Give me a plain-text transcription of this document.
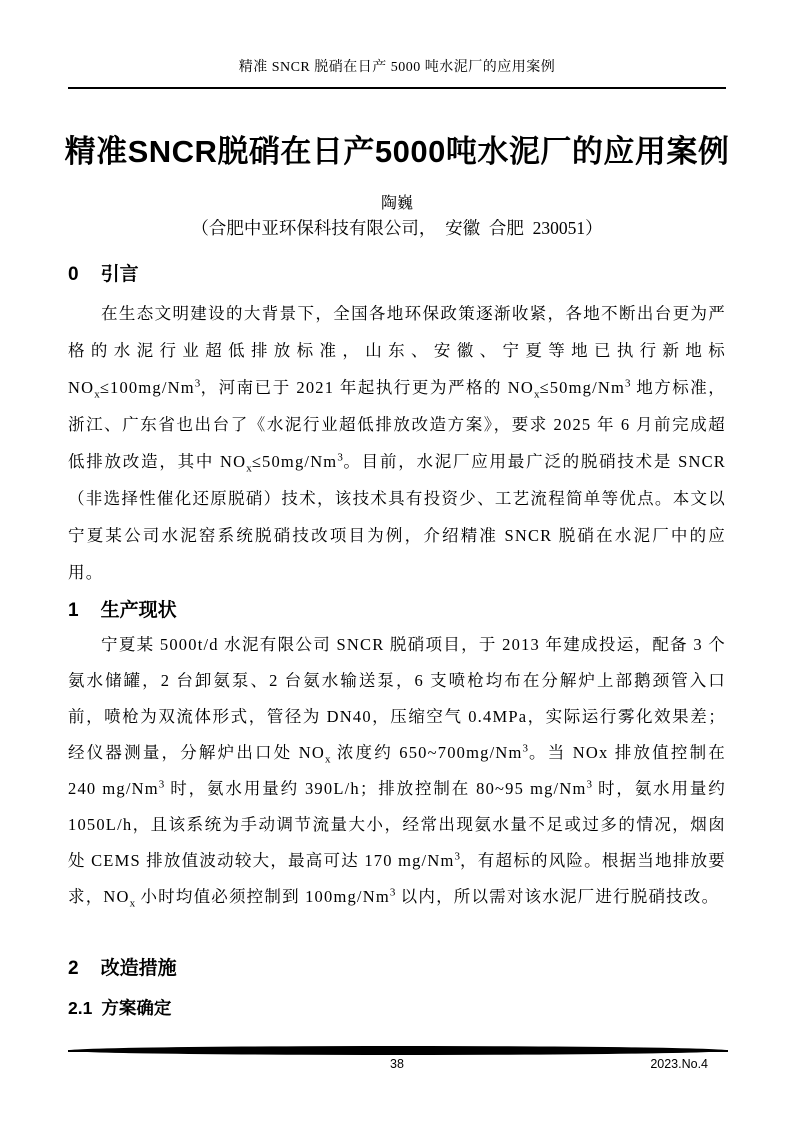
精准 SNCR 脱硝在日产 5000 吨水泥厂的应用案例
精准SNCR脱硝在日产5000吨水泥厂的应用案例
陶巍
（合肥中亚环保科技有限公司，  安徽  合肥  230051）
0 引言
在生态文明建设的大背景下，全国各地环保政策逐渐收紧，各地不断出台更为严格的水泥行业超低排放标准，山东、安徽、宁夏等地已执行新地标$NO_x\le 100mg/Nm^3$，河南已于 2021 年起执行更为严格的 $NO_x\le 50mg/Nm^3$ 地方标准，浙江、广东省也出台了《水泥行业超低排放改造方案》，要求 2025 年 6 月前完成超低排放改造，其中 $NO_x\le 50mg/Nm^3$。目前，水泥厂应用最广泛的脱硝技术是 SNCR（非选择性催化还原脱硝）技术，该技术具有投资少、工艺流程简单等优点。本文以宁夏某公司水泥窑系统脱硝技改项目为例，介绍精准 SNCR 脱硝在水泥厂中的应用。
1 生产现状
宁夏某 5000t/d 水泥有限公司 SNCR 脱硝项目，于 2013 年建成投运，配备 3 个氨水储罐，2 台卸氨泵、2 台氨水输送泵，6 支喷枪均布在分解炉上部鹅颈管入口前，喷枪为双流体形式，管径为 DN40，压缩空气 0.4MPa，实际运行雾化效果差；经仪器测量，分解炉出口处 $NO_x$ 浓度约 650~700mg/Nm$^3$。当 NOx 排放值控制在 240 mg/Nm$^3$ 时，氨水用量约 390L/h；排放控制在 80~95 mg/Nm$^3$ 时，氨水用量约 1050L/h，且该系统为手动调节流量大小，经常出现氨水量不足或过多的情况，烟囱处 CEMS 排放值波动较大，最高可达 170 mg/Nm$^3$，有超标的风险。根据当地排放要求，$NO_x$ 小时均值必须控制到 100mg/Nm$^3$ 以内，所以需对该水泥厂进行脱硝技改。
2 改造措施
2.1 方案确定
38	2023.No.4
